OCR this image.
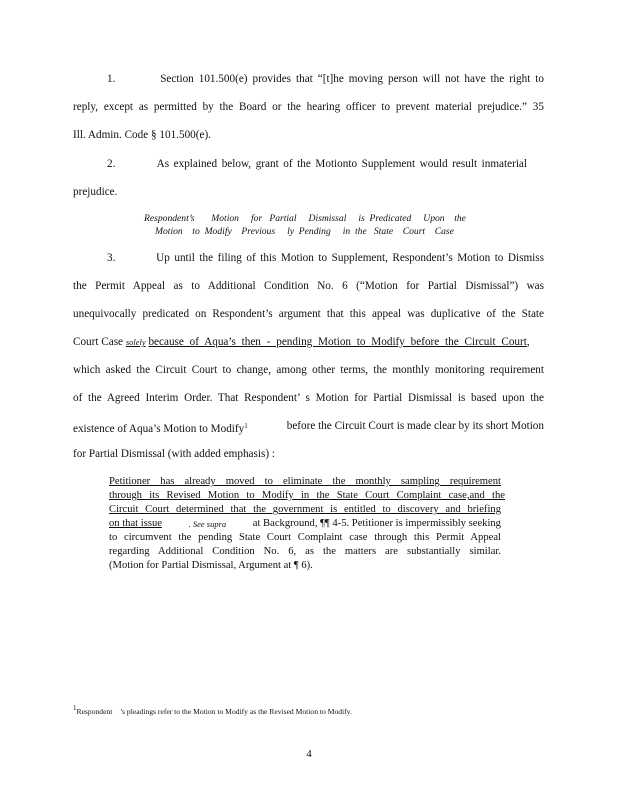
1.         Section 101.500(e) provides that “[t]he moving person will not have the right to
reply, except as permitted by the Board or the hearing officer to prevent material prejudice.” 35
Ill. Admin. Code § 101.500(e).
2.         As explained below, grant of the Motionto Supplement would result inmaterial
prejudice.
Respondent’s       Motion     for   Partial     Dismissal     is  Predicated     Upon    the
Motion    to  Modify    Previous     ly  Pending     in  the   State    Court    Case
3.         Up until the filing of this Motion to Supplement, Respondent’s Motion to Dismiss
the Permit Appeal as to Additional Condition No. 6 (“Motion for Partial Dismissal”) was
unequivocally predicated on Respondent’s argument that this appeal was duplicative of the State
Court Case solely because of Aqua’s then - pending Motion to Modify before the Circuit Court,
which asked the Circuit Court to change, among other terms, the monthly monitoring requirement
of the Agreed Interim Order. That Respondent’ s Motion for Partial Dismissal is based upon the
existence of Aqua’s Motion to Modify$^1$	before the Circuit Court is made clear by its short Motion
for Partial Dismissal (with added emphasis) :
Petitioner has already moved to eliminate the monthly sampling requirement
through its Revised Motion to Modify in the State Court Complaint case,and the
Circuit Court determined that the government is entitled to discovery and briefing
on that issue	. See supra	at Background, ¶¶ 4-5. Petitioner is impermissibly seeking
to circumvent the pending State Court Complaint case through this Permit Appeal
regarding Additional Condition No. 6, as the matters are substantially similar.
(Motion for Partial Dismissal, Argument at ¶ 6).
$^1$Respondent    ’s pleadings refer to the Motion to Modify as the Revised Motion to Modify.
4
